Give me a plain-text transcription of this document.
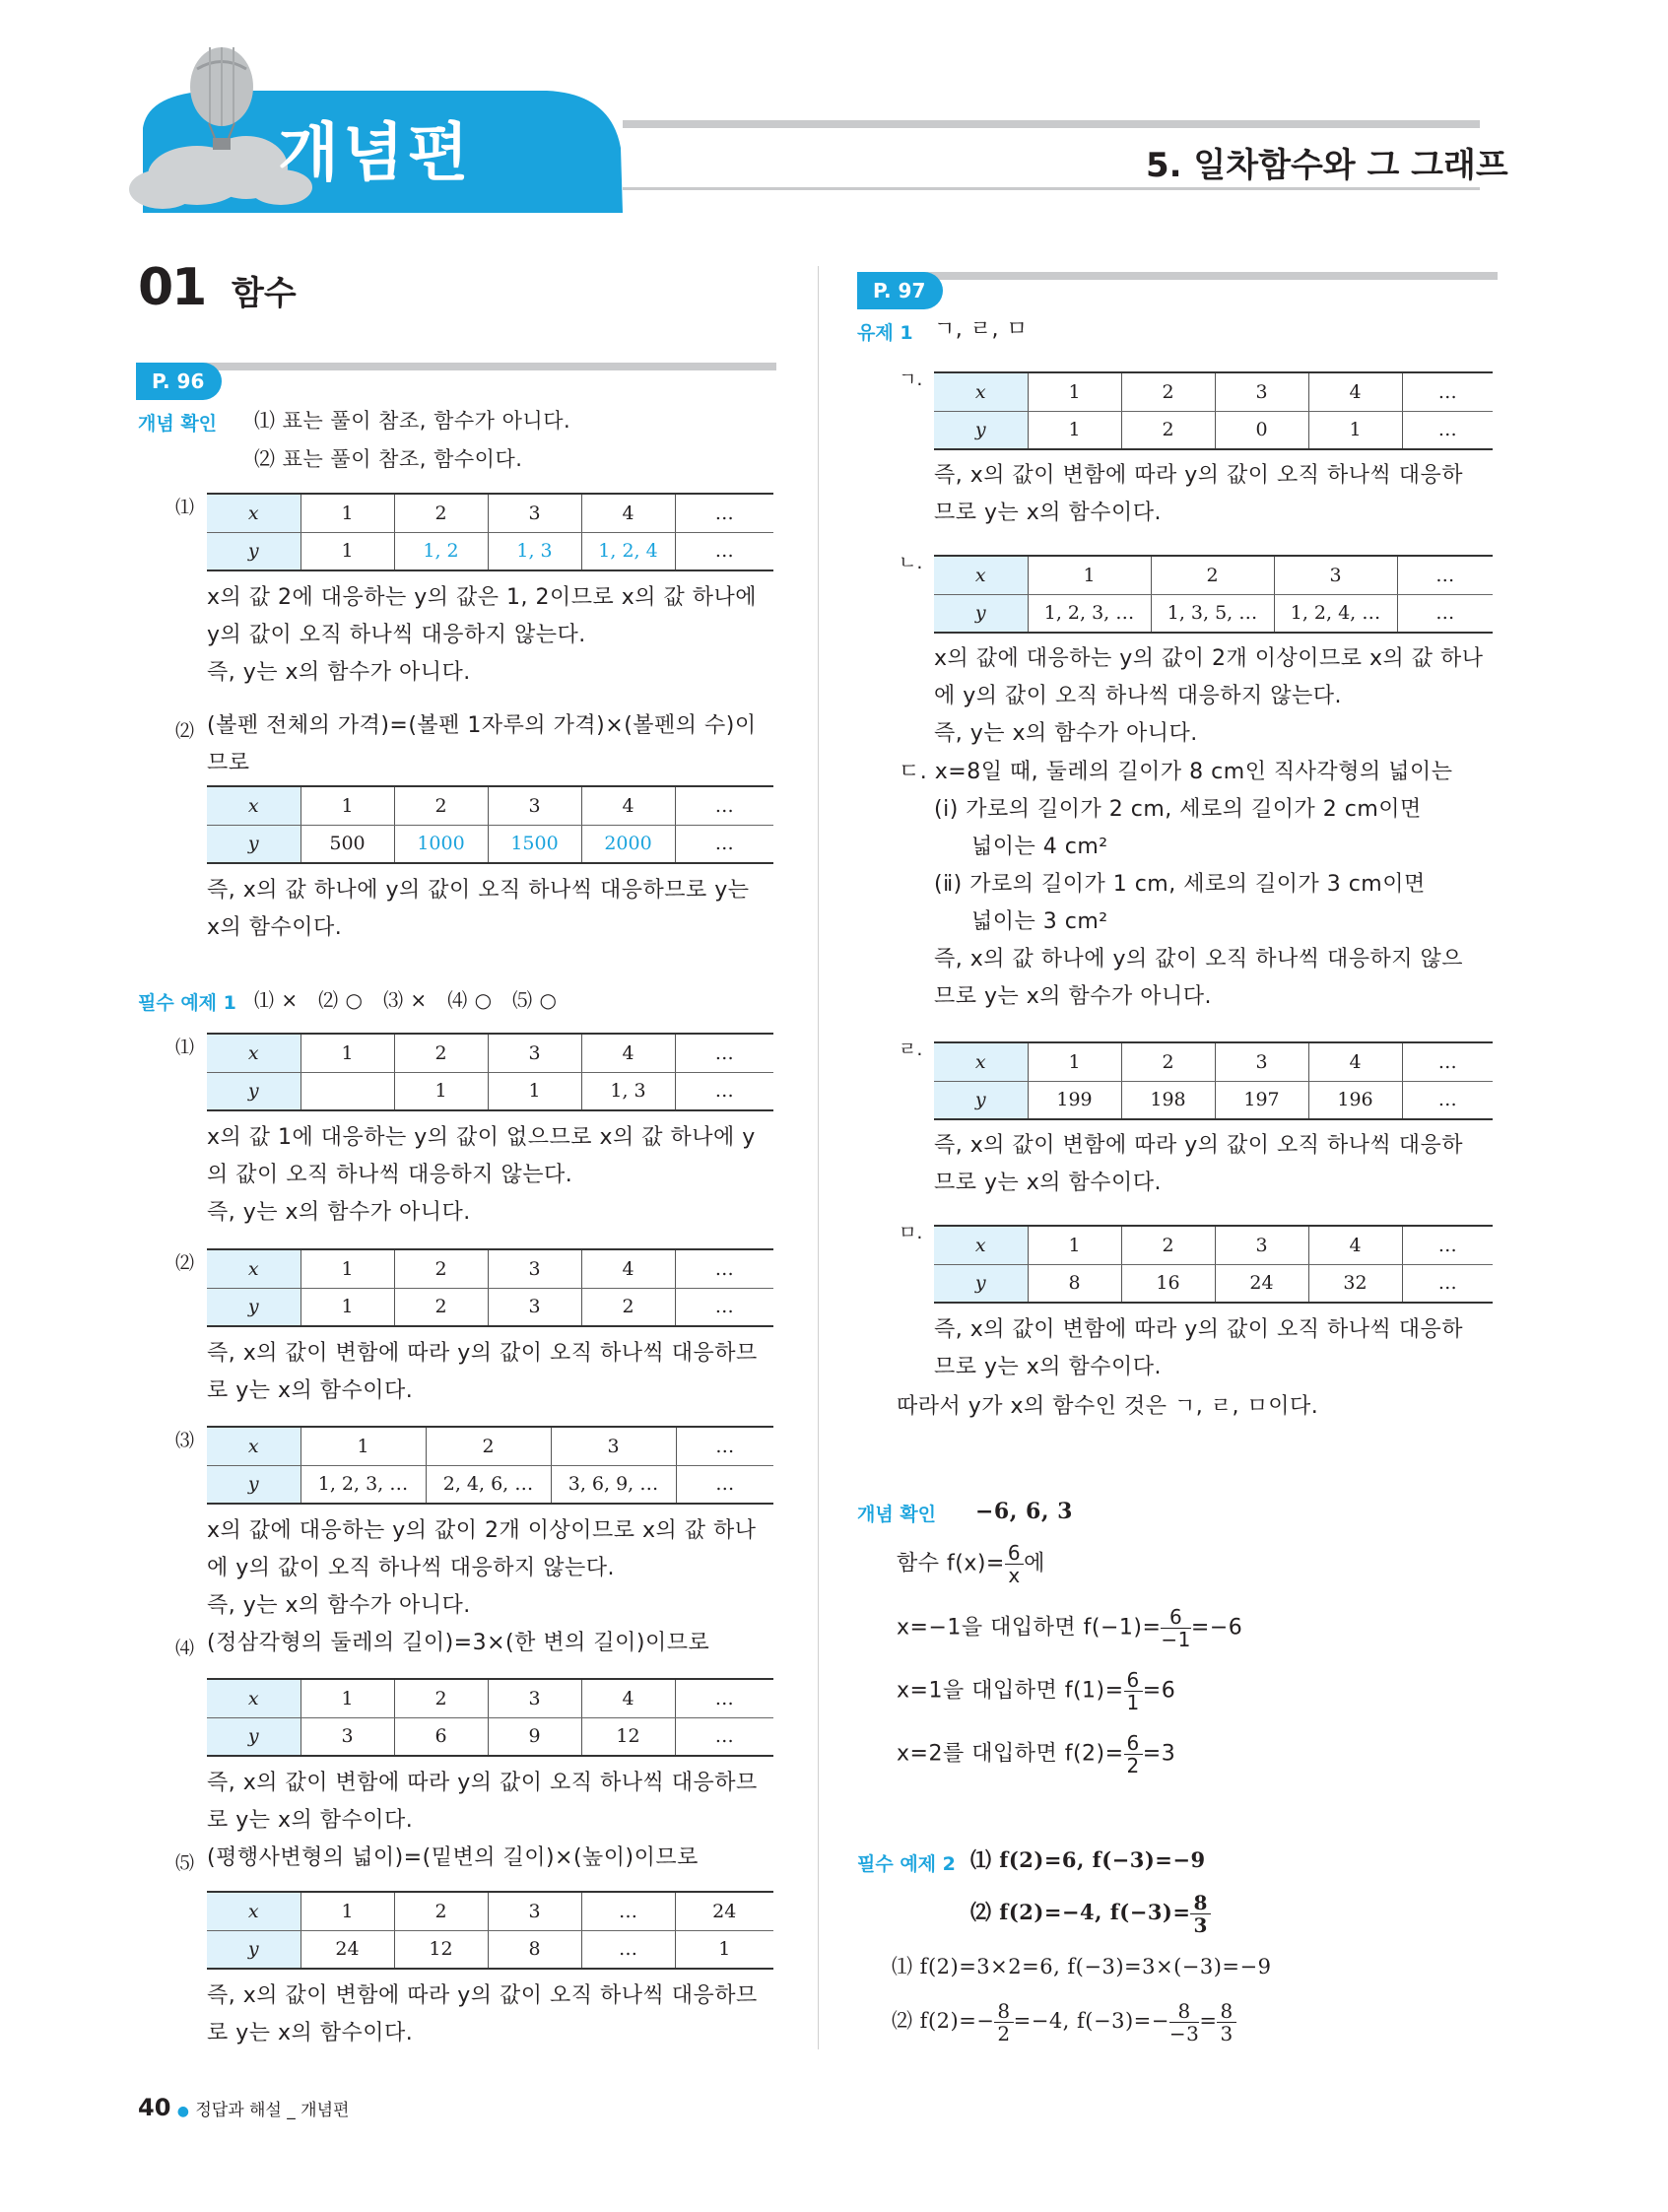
개념편	5. 일차함수와 그 그래프
01 함수
P. 96
개념 확인 ⑴ 표는 풀이 참조, 함수가 아니다.
⑵ 표는 풀이 참조, 함수이다.
⑴	x	1	2	3	4	…
y	1	1, 2	1, 3	1, 2, 4	…
x의 값 2에 대응하는 y의 값은 1, 2이므로 x의 값 하나에
y의 값이 오직 하나씩 대응하지 않는다.
즉, y는 x의 함수가 아니다.
⑵ (볼펜 전체의 가격)=(볼펜 1자루의 가격)×(볼펜의 수)이
므로
x	1	2	3	4	…
y	500	1000	1500	2000	…
즉, x의 값 하나에 y의 값이 오직 하나씩 대응하므로 y는
x의 함수이다.
필수 예제 1 ⑴ ×   ⑵ ○   ⑶ ×   ⑷ ○   ⑸ ○
⑴	x	1	2	3	4	…
y		1	1	1, 3	…
x의 값 1에 대응하는 y의 값이 없으므로 x의 값 하나에 y
의 값이 오직 하나씩 대응하지 않는다.
즉, y는 x의 함수가 아니다.
⑵	x	1	2	3	4	…
y	1	2	3	2	…
즉, x의 값이 변함에 따라 y의 값이 오직 하나씩 대응하므
로 y는 x의 함수이다.
⑶	x	1	2	3	…
y	1, 2, 3, …	2, 4, 6, …	3, 6, 9, …	…
x의 값에 대응하는 y의 값이 2개 이상이므로 x의 값 하나
에 y의 값이 오직 하나씩 대응하지 않는다.
즉, y는 x의 함수가 아니다.
⑷ (정삼각형의 둘레의 길이)=3×(한 변의 길이)이므로
x	1	2	3	4	…
y	3	6	9	12	…
즉, x의 값이 변함에 따라 y의 값이 오직 하나씩 대응하므
로 y는 x의 함수이다.
⑸ (평행사변형의 넓이)=(밑변의 길이)×(높이)이므로
x	1	2	3	…	24
y	24	12	8	…	1
즉, x의 값이 변함에 따라 y의 값이 오직 하나씩 대응하므
로 y는 x의 함수이다.
P. 97
유제 1 ㄱ, ㄹ, ㅁ
ㄱ.
x	1	2	3	4	…
y	1	2	0	1	…
즉, x의 값이 변함에 따라 y의 값이 오직 하나씩 대응하
므로 y는 x의 함수이다.
ㄴ.
x	1	2	3	…
y	1, 2, 3, …	1, 3, 5, …	1, 2, 4, …	…
x의 값에 대응하는 y의 값이 2개 이상이므로 x의 값 하나
에 y의 값이 오직 하나씩 대응하지 않는다.
즉, y는 x의 함수가 아니다.
ㄷ. x=8일 때, 둘레의 길이가 8 cm인 직사각형의 넓이는
(ⅰ) 가로의 길이가 2 cm, 세로의 길이가 2 cm이면
넓이는 4 cm²
(ⅱ) 가로의 길이가 1 cm, 세로의 길이가 3 cm이면
넓이는 3 cm²
즉, x의 값 하나에 y의 값이 오직 하나씩 대응하지 않으
므로 y는 x의 함수가 아니다.
ㄹ.
x	1	2	3	4	…
y	199	198	197	196	…
즉, x의 값이 변함에 따라 y의 값이 오직 하나씩 대응하
므로 y는 x의 함수이다.
ㅁ.
x	1	2	3	4	…
y	8	16	24	32	…
즉, x의 값이 변함에 따라 y의 값이 오직 하나씩 대응하
므로 y는 x의 함수이다.
따라서 y가 x의 함수인 것은 ㄱ, ㄹ, ㅁ이다.
개념 확인 −6, 6, 3
함수 $f(x)= \frac{6}{x}$ 에
x=−1을 대입하면 $f(-1)= \frac{6}{-1} =-6$
x=1을 대입하면 $f(1)= \frac{6}{1} =6$
x=2를 대입하면 $f(2)= \frac{6}{2} =3$
필수 예제 2 ⑴ f(2)=6, f(−3)=−9
⑵ f(2)=−4, $f(-3)= \frac{8}{3}$
⑴ f(2)=3×2=6, f(−3)=3×(−3)=−9
⑵ $f(2)=- \frac{8}{2} =-4$, $f(-3)=- \frac{8}{-3} = \frac{8}{3}$
40 ● 정답과 해설 _ 개념편
